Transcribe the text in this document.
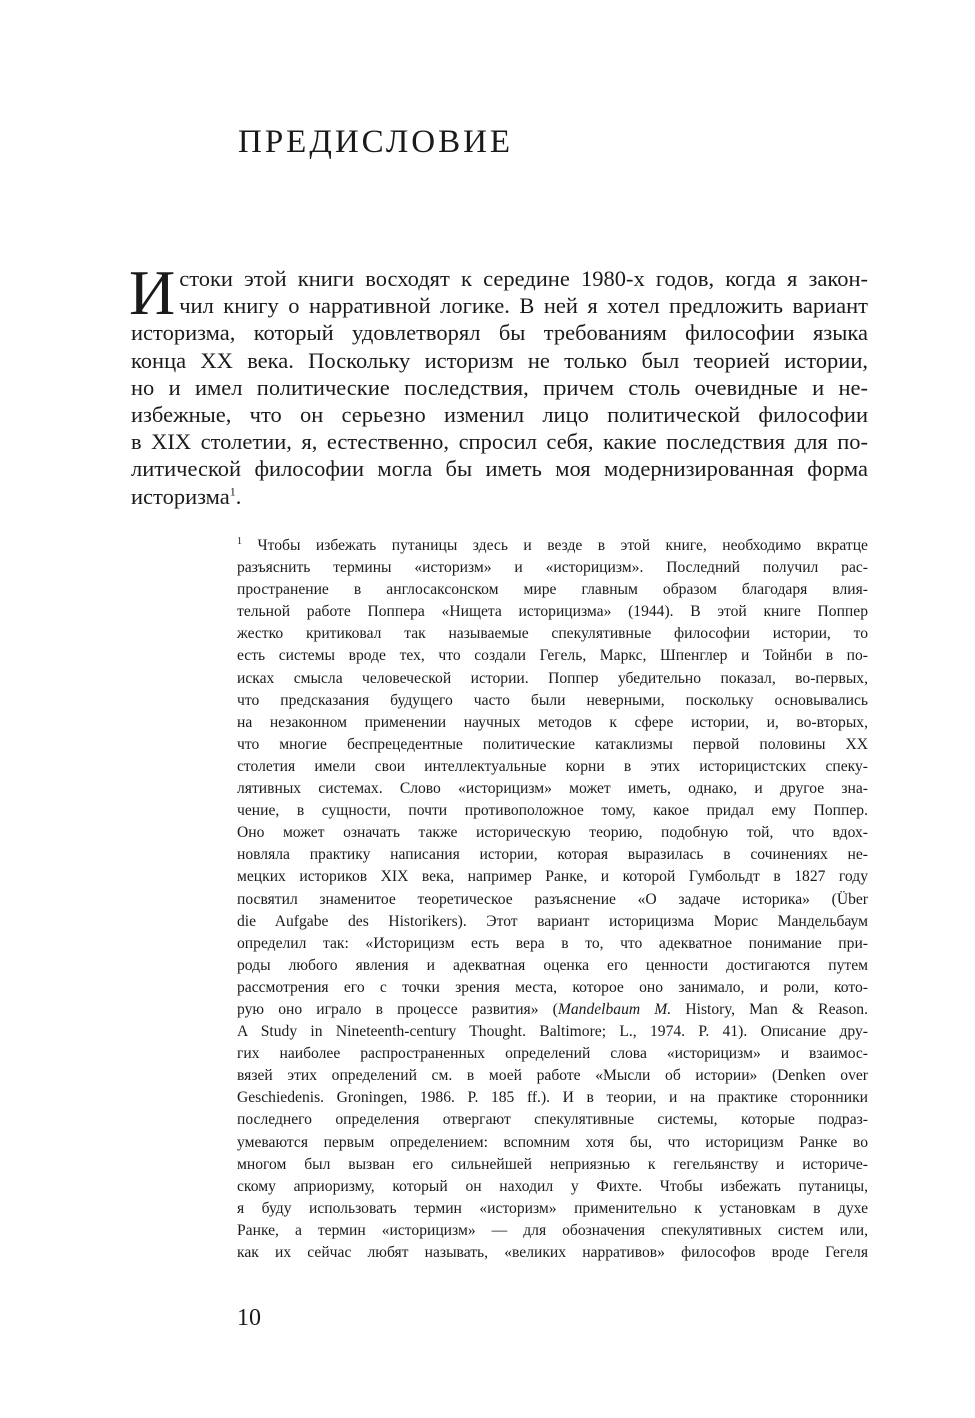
ПРЕДИСЛОВИЕ
И стоки этой книги восходят к середине 1980-х годов, когда я закон-
чил книгу о нарративной логике. В ней я хотел предложить вариант
историзма, который удовлетворял бы требованиям философии языка
конца XX века. Поскольку историзм не только был теорией истории,
но и имел политические последствия, причем столь очевидные и не-
избежные, что он серьезно изменил лицо политической философии
в XIX столетии, я, естественно, спросил себя, какие последствия для по-
литической философии могла бы иметь моя модернизированная форма
историзма$^1$.
$^1$ Чтобы избежать путаницы здесь и везде в этой книге, необходимо вкратце
разъяснить термины «историзм» и «историцизм». Последний получил рас-
пространение в англосаксонском мире главным образом благодаря влия-
тельной работе Поппера «Нищета историцизма» (1944). В этой книге Поппер
жестко критиковал так называемые спекулятивные философии истории, то
есть системы вроде тех, что создали Гегель, Маркс, Шпенглер и Тойнби в по-
исках смысла человеческой истории. Поппер убедительно показал, во-первых,
что предсказания будущего часто были неверными, поскольку основывались
на незаконном применении научных методов к сфере истории, и, во-вторых,
что многие беспрецедентные политические катаклизмы первой половины XX
столетия имели свои интеллектуальные корни в этих историцистских спеку-
лятивных системах. Слово «историцизм» может иметь, однако, и другое зна-
чение, в сущности, почти противоположное тому, какое придал ему Поппер.
Оно может означать также историческую теорию, подобную той, что вдох-
новляла практику написания истории, которая выразилась в сочинениях не-
мецких историков XIX века, например Ранке, и которой Гумбольдт в 1827 году
посвятил знаменитое теоретическое разъяснение «О задаче историка» (Über
die Aufgabe des Historikers). Этот вариант историцизма Морис Мандельбаум
определил так: «Историцизм есть вера в то, что адекватное понимание при-
роды любого явления и адекватная оценка его ценности достигаются путем
рассмотрения его с точки зрения места, которое оно занимало, и роли, кото-
рую оно играло в процессе развития» (Mandelbaum M. History, Man & Reason.
A Study in Nineteenth-century Thought. Baltimore; L., 1974. P. 41). Описание дру-
гих наиболее распространенных определений слова «историцизм» и взаимос-
вязей этих определений см. в моей работе «Мысли об истории» (Denken over
Geschiedenis. Groningen, 1986. P. 185 ff.). И в теории, и на практике сторонники
последнего определения отвергают спекулятивные системы, которые подраз-
умеваются первым определением: вспомним хотя бы, что историцизм Ранке во
многом был вызван его сильнейшей неприязнью к гегельянству и историче-
скому априоризму, который он находил у Фихте. Чтобы избежать путаницы,
я буду использовать термин «историзм» применительно к установкам в духе
Ранке, а термин «историцизм» — для обозначения спекулятивных систем или,
как их сейчас любят называть, «великих нарративов» философов вроде Гегеля
10
